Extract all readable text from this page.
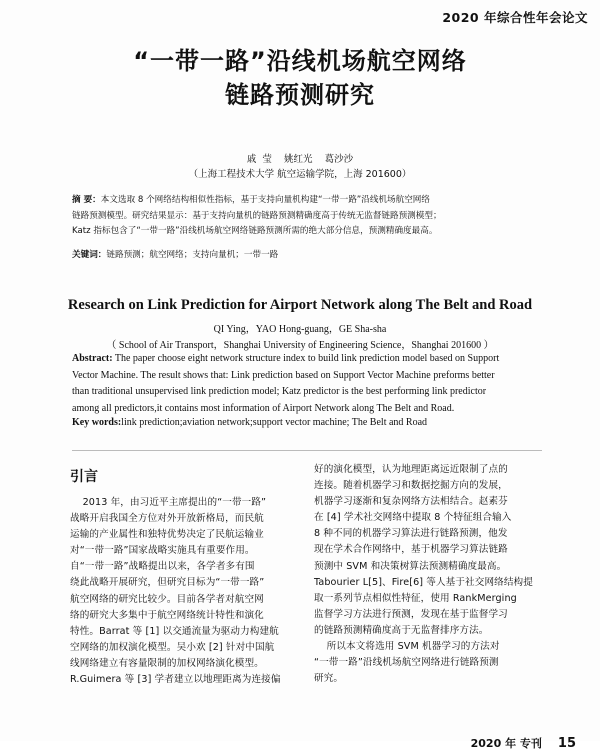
2020 年综合性年会论文
“一带一路”沿线机场航空网络
链路预测研究
戚  莹    姚红光    葛沙沙
（上海工程技术大学 航空运输学院，上海 201600）
摘 要：本文选取 8 个网络结构相似性指标，基于支持向量机构建“一带一路”沿线机场航空网络
链路预测模型。研究结果显示：基于支持向量机的链路预测精确度高于传统无监督链路预测模型；
Katz 指标包含了“一带一路”沿线机场航空网络链路预测所需的绝大部分信息，预测精确度最高。
关键词：链路预测；航空网络；支持向量机；一带一路
Research on Link Prediction for Airport Network along The Belt and Road
QI Ying，YAO Hong-guang，GE Sha-sha
（ School of Air Transport，Shanghai University of Engineering Science，Shanghai 201600 ）
Abstract: The paper choose eight network structure index to build link prediction model based on Support
Vector Machine. The result shows that: Link prediction based on Support Vector Machine preforms better
than traditional unsupervised link prediction model; Katz predictor is the best performing link predictor
among all predictors,it contains most information of Airport Network along The Belt and Road.
Key words:link prediction;aviation network;support vector machine; The Belt and Road
引言

2013 年，由习近平主席提出的“一带一路”

战略开启我国全方位对外开放新格局，而民航

运输的产业属性和独特优势决定了民航运输业

对“一带一路”国家战略实施具有重要作用。

自“一带一路”战略提出以来，各学者多有围

绕此战略开展研究，但研究目标为“一带一路”

航空网络的研究比较少。目前各学者对航空网

络的研究大多集中于航空网络统计特性和演化

特性。Barrat 等 [1] 以交通流量为驱动力构建航

空网络的加权演化模型。吴小欢 [2] 针对中国航

线网络建立有容量限制的加权网络演化模型。

R.Guimera 等 [3] 学者建立以地理距离为连接偏

好的演化模型，认为地理距离远近限制了点的

连接。随着机器学习和数据挖掘方向的发展，

机器学习逐渐和复杂网络方法相结合。赵素芬

在 [4] 学术社交网络中提取 8 个特征组合输入

8 种不同的机器学习算法进行链路预测，他发

现在学术合作网络中，基于机器学习算法链路

预测中 SVM 和决策树算法预测精确度最高。

Tabourier L[5]、Fire[6] 等人基于社交网络结构提

取一系列节点相似性特征，使用 RankMerging

监督学习方法进行预测，发现在基于监督学习

的链路预测精确度高于无监督排序方法。

所以本文将选用 SVM 机器学习的方法对

“一带一路”沿线机场航空网络进行链路预测

研究。

2020 年 专刊 15
